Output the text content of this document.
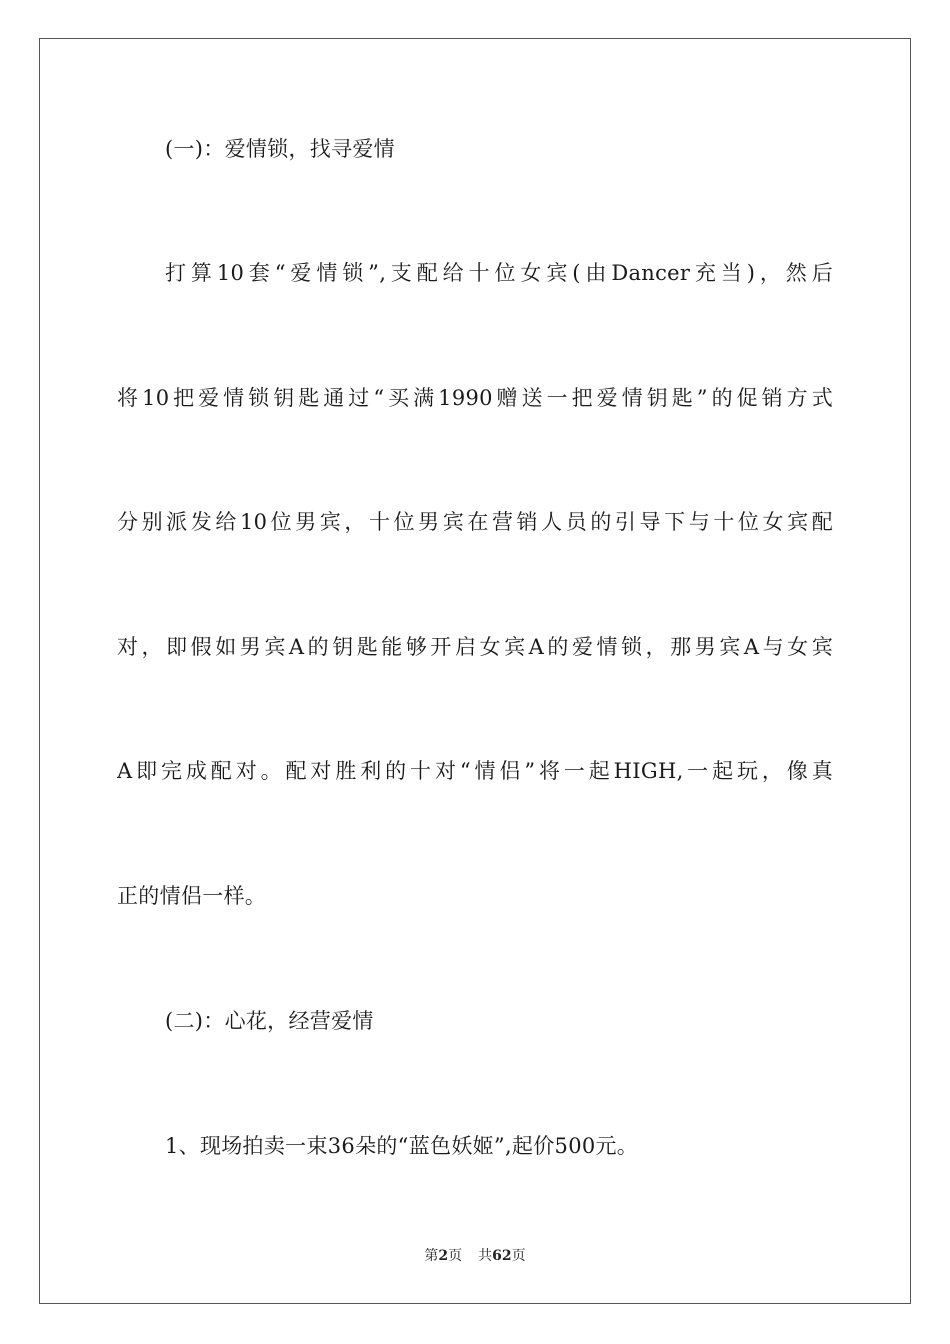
(一)：爱情锁，找寻爱情
打算10套“爱情锁”,支配给十位女宾(由Dancer充当)，然后
将10把爱情锁钥匙通过“买满1990赠送一把爱情钥匙”的促销方式
分别派发给10位男宾，十位男宾在营销人员的引导下与十位女宾配
对，即假如男宾A的钥匙能够开启女宾A的爱情锁，那男宾A与女宾
A即完成配对。配对胜利的十对“情侣”将一起HIGH,一起玩，像真
正的情侣一样。
(二)：心花，经营爱情
1、现场拍卖一束36朵的“蓝色妖姬”,起价500元。
第2页 共62页
